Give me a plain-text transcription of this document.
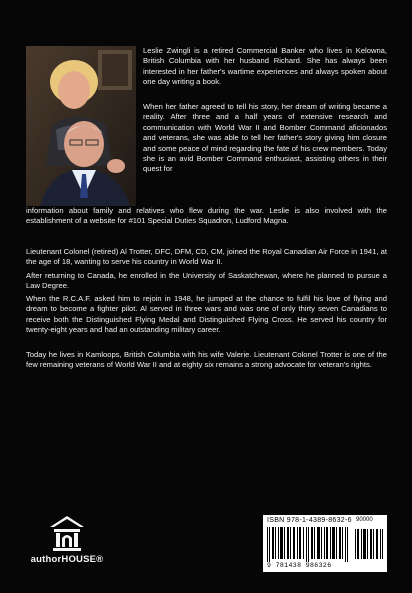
Leslie Zwingli is a retired Commercial Banker who lives in Kelowna, British Columbia with her husband Richard. She has always been interested in her father's wartime experiences and always spoken about one day writing a book.

When her father agreed to tell his story, her dream of writing became a reality. After three and a half years of extensive research and communication with World War II and Bomber Command aficionados and veterans, she was able to tell her father's story giving him closure and some peace of mind regarding the fate of his crew members. Today she is an avid Bomber Command enthusiast, assisting others in their quest for

information about family and relatives who flew during the war. Leslie is also involved with the establishment of a website for #101 Special Duties Squadron, Ludford Magna.

Lieutenant Colonel (retired) Al Trotter, DFC, DFM, CD, CM, joined the Royal Canadian Air Force in 1941, at the age of 18, wanting to serve his country in World War II.

After returning to Canada, he enrolled in the University of Saskatchewan, where he planned to pursue a Law Degree.

When the R.C.A.F. asked him to rejoin in 1948, he jumped at the chance to fulfil his love of flying and dream to become a fighter pilot. Al served in three wars and was one of only thirty seven Canadians to receive both the Distinguished Flying Medal and Distinguished Flying Cross. He served his country for twenty-eight years and had an outstanding military career.

Today he lives in Kamloops, British Columbia with his wife Valerie. Lieutenant Colonel Trotter is one of the few remaining veterans of World War II and at eighty six remains a strong advocate for veteran's rights.

authorHOUSE®
ISBN 978-1-4389-8632-6 90000
9 781438 986326
